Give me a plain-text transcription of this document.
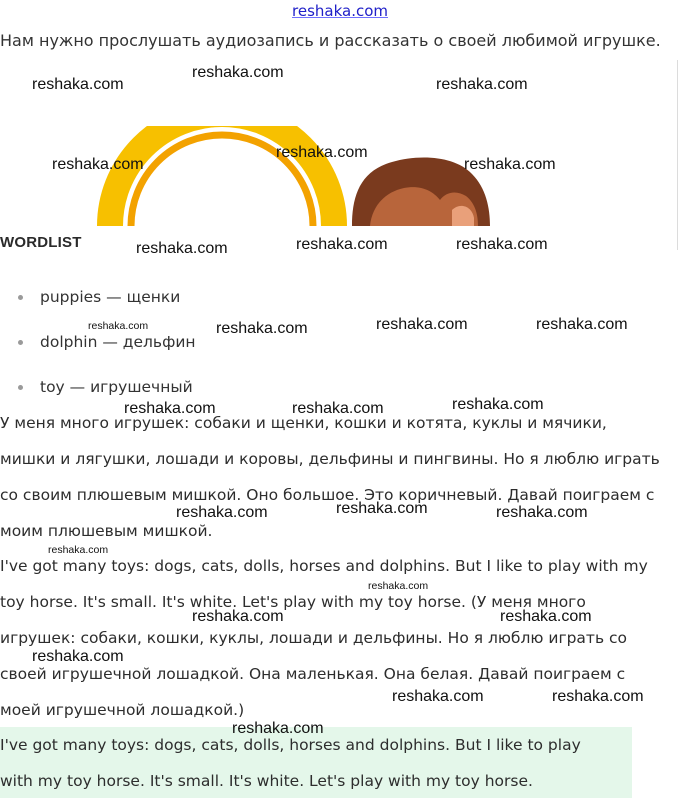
reshaka.com
Нам нужно прослушать аудиозапись и рассказать о своей любимой игрушке.
WORDLIST
puppies — щенки
dolphin — дельфин
toy — игрушечный
У меня много игрушек: собаки и щенки, кошки и котята, куклы и мячики,
мишки и лягушки, лошади и коровы, дельфины и пингвины. Но я люблю играть
со своим плюшевым мишкой. Оно большое. Это коричневый. Давай поиграем с
моим плюшевым мишкой.
I've got many toys: dogs, cats, dolls, horses and dolphins. But I like to play with my
toy horse. It's small. It's white. Let's play with my toy horse. (У меня много
игрушек: собаки, кошки, куклы, лошади и дельфины. Но я люблю играть со
своей игрушечной лошадкой. Она маленькая. Она белая. Давай поиграем с
моей игрушечной лошадкой.)
I've got many toys: dogs, cats, dolls, horses and dolphins. But I like to play
with my toy horse. It's small. It's white. Let's play with my toy horse.
reshaka.com
reshaka.com
reshaka.com
reshaka.com
reshaka.com
reshaka.com
reshaka.com	reshaka.com	reshaka.com
reshaka.com	reshaka.com	reshaka.com	reshaka.com
reshaka.com	reshaka.com	reshaka.com
reshaka.com	reshaka.com	reshaka.com
reshaka.com
reshaka.com
reshaka.com	reshaka.com
reshaka.com
reshaka.com	reshaka.com
reshaka.com
